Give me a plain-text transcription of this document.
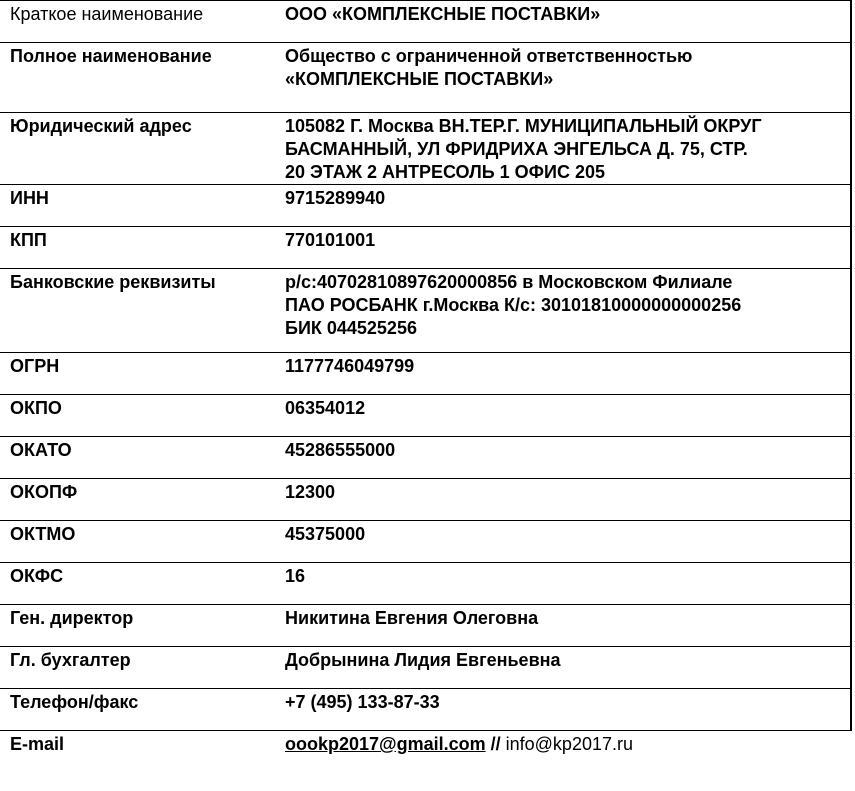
Краткое наименование	ООО «КОМПЛЕКСНЫЕ ПОСТАВКИ»
Полное наименование	Общество с ограниченной ответственностью
«КОМПЛЕКСНЫЕ ПОСТАВКИ»
Юридический адрес	105082 Г. Москва ВН.ТЕР.Г. МУНИЦИПАЛЬНЫЙ ОКРУГ
БАСМАННЫЙ, УЛ ФРИДРИХА ЭНГЕЛЬСА Д. 75, СТР.
20 ЭТАЖ 2 АНТРЕСОЛЬ 1 ОФИС 205
ИНН	9715289940
КПП	770101001
Банковские реквизиты	р/с:40702810897620000856 в Московском Филиале
ПАО РОСБАНК г.Москва К/с: 30101810000000000256
БИК 044525256
ОГРН	1177746049799
ОКПО	06354012
ОКАТО	45286555000
ОКОПФ	12300
ОКТМО	45375000
ОКФС	16
Ген. директор	Никитина Евгения Олеговна
Гл. бухгалтер	Добрынина Лидия Евгеньевна
Телефон/факс	+7 (495) 133-87-33
E-mail	oookp2017@gmail.com // info@kp2017.ru
